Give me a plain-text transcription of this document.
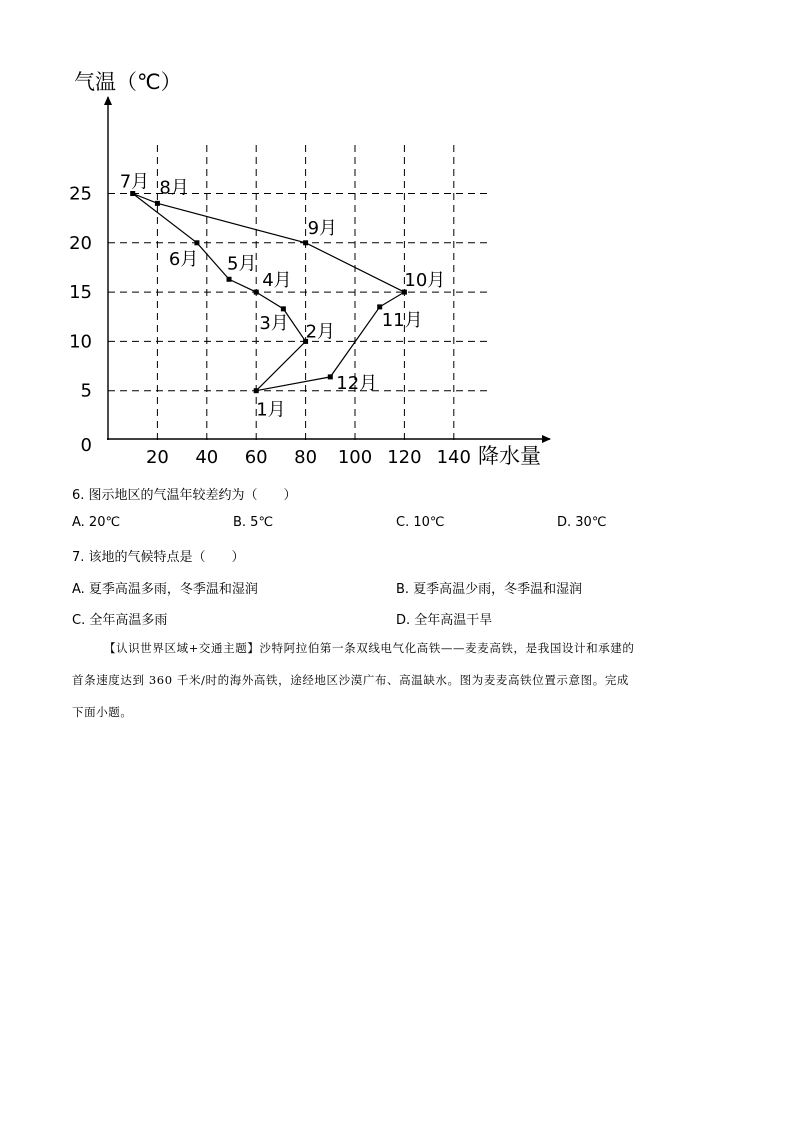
气温（℃）
降水量
20 40 60 80 100 120 140
0
5
10
15
20
25
1月
2月
3月
4月
5月
6月
7月 8月
9月
10月
11月
12月
6. 图示地区的气温年较差约为（　　）
A. 20℃	B. 5℃	C. 10℃	D. 30℃
7. 该地的气候特点是（　　）
A. 夏季高温多雨，冬季温和湿润	B. 夏季高温少雨，冬季温和湿润
C. 全年高温多雨	D. 全年高温干旱
【认识世界区域+交通主题】沙特阿拉伯第一条双线电气化高铁——麦麦高铁，是我国设计和承建的
首条速度达到 360 千米/时的海外高铁，途经地区沙漠广布、高温缺水。图为麦麦高铁位置示意图。完成
下面小题。
